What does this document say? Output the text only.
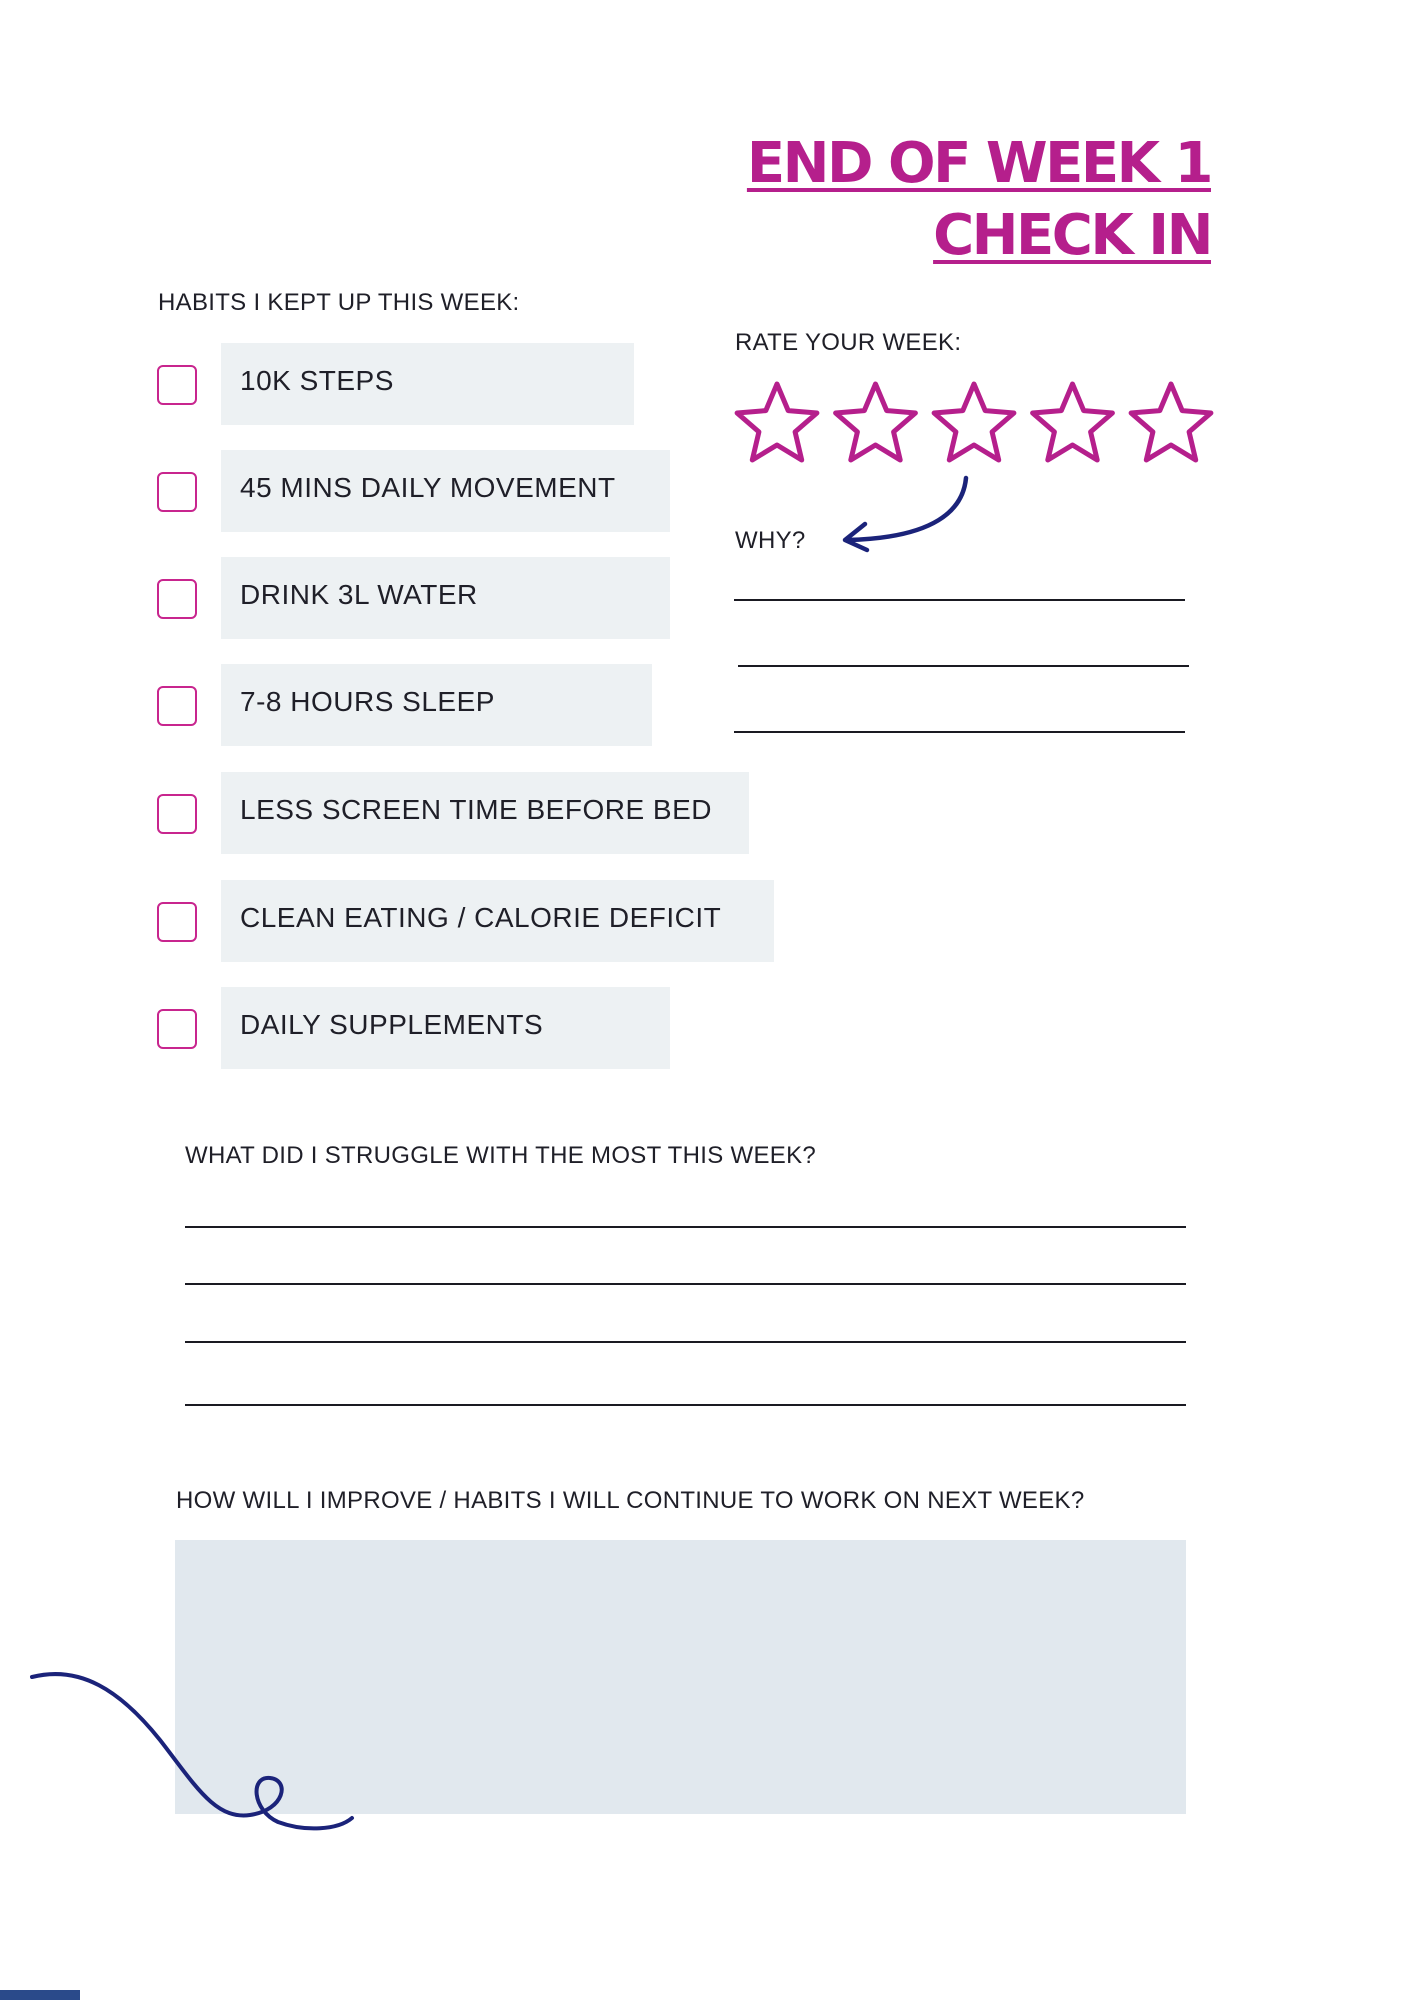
END OF WEEK 1
CHECK IN
HABITS I KEPT UP THIS WEEK:
10K STEPS
45 MINS DAILY MOVEMENT
DRINK 3L WATER
7-8 HOURS SLEEP
LESS SCREEN TIME BEFORE BED
CLEAN EATING / CALORIE DEFICIT
DAILY SUPPLEMENTS
RATE YOUR WEEK:
WHY?
WHAT DID I STRUGGLE WITH THE MOST THIS WEEK?
HOW WILL I IMPROVE / HABITS I WILL CONTINUE TO WORK ON NEXT WEEK?
